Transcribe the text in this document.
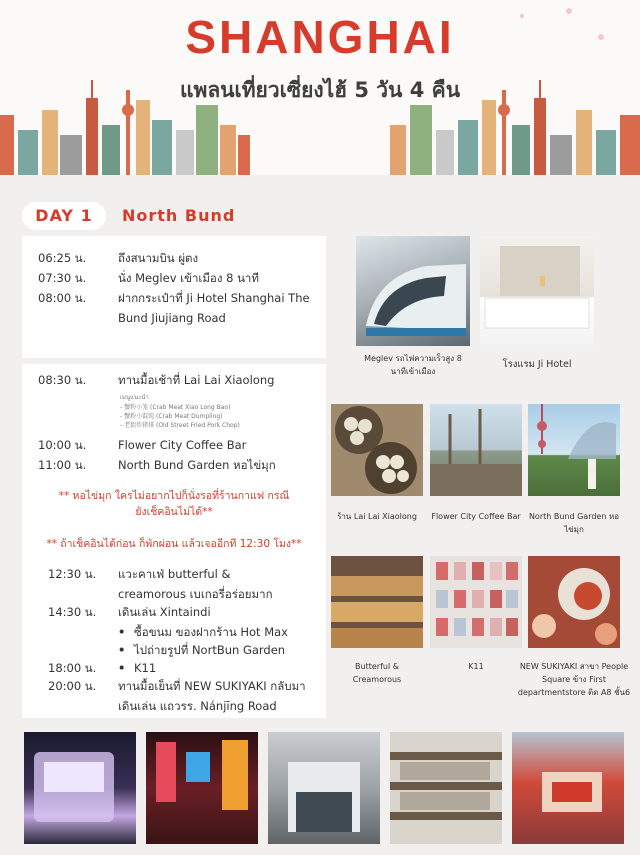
SHANGHAI
แพลนเที่ยวเซี่ยงไฮ้ 5 วัน 4 คืน
DAY 1	North Bund
06:25 น.	ถึงสนามบิน ผู่ตง
07:30 น.	นั่ง Meglev เข้าเมือง 8 นาที
08:00 น.	ฝากกระเป๋าที่ Ji Hotel Shanghai The Bund Jiujiang Road
08:30 น.	ทานมื้อเช้าที่ Lai Lai Xiaolong
เมนูแนะนำ
- 蟹粉小笼 (Crab Meat Xiao Long Bao)
- 蟹粉小馄饨 (Crab Meat Dumpling)
- 老街炸猪排 (Old Street Fried Pork Chop)
10:00 น.	Flower City Coffee Bar
11:00 น.	North Bund Garden หอไข่มุก
** หอไข่มุก ใครไม่อยากไปก็นั่งรอที่ร้านกาแฟ กรณียังเช็คอินไม่ได้**
** ถ้าเช็คอินได้ก่อน ก็พักผ่อน แล้วเจออีกที 12:30 โมง**
12:30 น.	แวะคาเฟ่ butterful & creamorous เบเกอรี่อร่อยมาก
14:30 น.	เดินเล่น Xintaindi
• ซื้อขนม ของฝากร้าน Hot Max
• ไปถ่ายรูปที่ NortBun Garden
18:00 น.	• K11
20:00 น.	ทานมื้อเย็นที่ NEW SUKIYAKI กลับมาเดินเล่น แถวรร. Nánjīng Road
Meglev รถไฟความเร็วสูง 8 นาทีเข้าเมือง
โรงแรม Ji Hotel
ร้าน Lai Lai Xiaolong	Flower City Coffee Bar North Bund Garden หอไข่มุก
Butterful & Creamorous
K11	NEW SUKIYAKI สาขา People Square ข้าง First departmentstore ติด A8 ชั้น6
